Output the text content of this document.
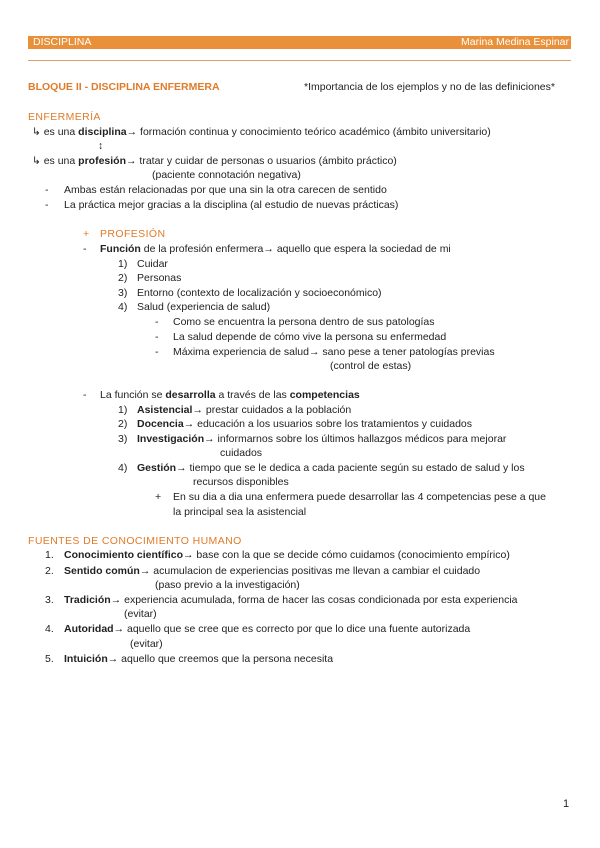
DISCIPLINA	Marina Medina Espinar
BLOQUE II - DISCIPLINA ENFERMERA	*Importancia de los ejemplos y no de las definiciones*
ENFERMERÍA
↳ es una disciplina→ formación continua y conocimiento teórico académico (ámbito universitario)
↕
↳ es una profesión→ tratar y cuidar de personas o usuarios (ámbito práctico)
(paciente connotación negativa)
- Ambas están relacionadas por que una sin la otra carecen de sentido
- La práctica mejor gracias a la disciplina (al estudio de nuevas prácticas)
+ PROFESIÓN
- Función de la profesión enfermera→ aquello que espera la sociedad de mi
1) Cuidar
2) Personas
3) Entorno (contexto de localización y socioeconómico)
4) Salud (experiencia de salud)
- Como se encuentra la persona dentro de sus patologías
- La salud depende de cómo vive la persona su enfermedad
- Máxima experiencia de salud→ sano pese a tener patologías previas
(control de estas)
- La función se desarrolla a través de las competencias
1) Asistencial→ prestar cuidados a la población
2) Docencia→ educación a los usuarios sobre los tratamientos y cuidados
3) Investigación→ informarnos sobre los últimos hallazgos médicos para mejorar
cuidados
4) Gestión→ tiempo que se le dedica a cada paciente según su estado de salud y los
recursos disponibles
+ En su dia a dia una enfermera puede desarrollar las 4 competencias pese a que
la principal sea la asistencial
FUENTES DE CONOCIMIENTO HUMANO
1. Conocimiento científico→ base con la que se decide cómo cuidamos (conocimiento empírico)
2. Sentido común→ acumulacion de experiencias positivas me llevan a cambiar el cuidado
(paso previo a la investigación)
3. Tradición→ experiencia acumulada, forma de hacer las cosas condicionada por esta experiencia
(evitar)
4. Autoridad→ aquello que se cree que es correcto por que lo dice una fuente autorizada
(evitar)
5. Intuición→ aquello que creemos que la persona necesita
1
